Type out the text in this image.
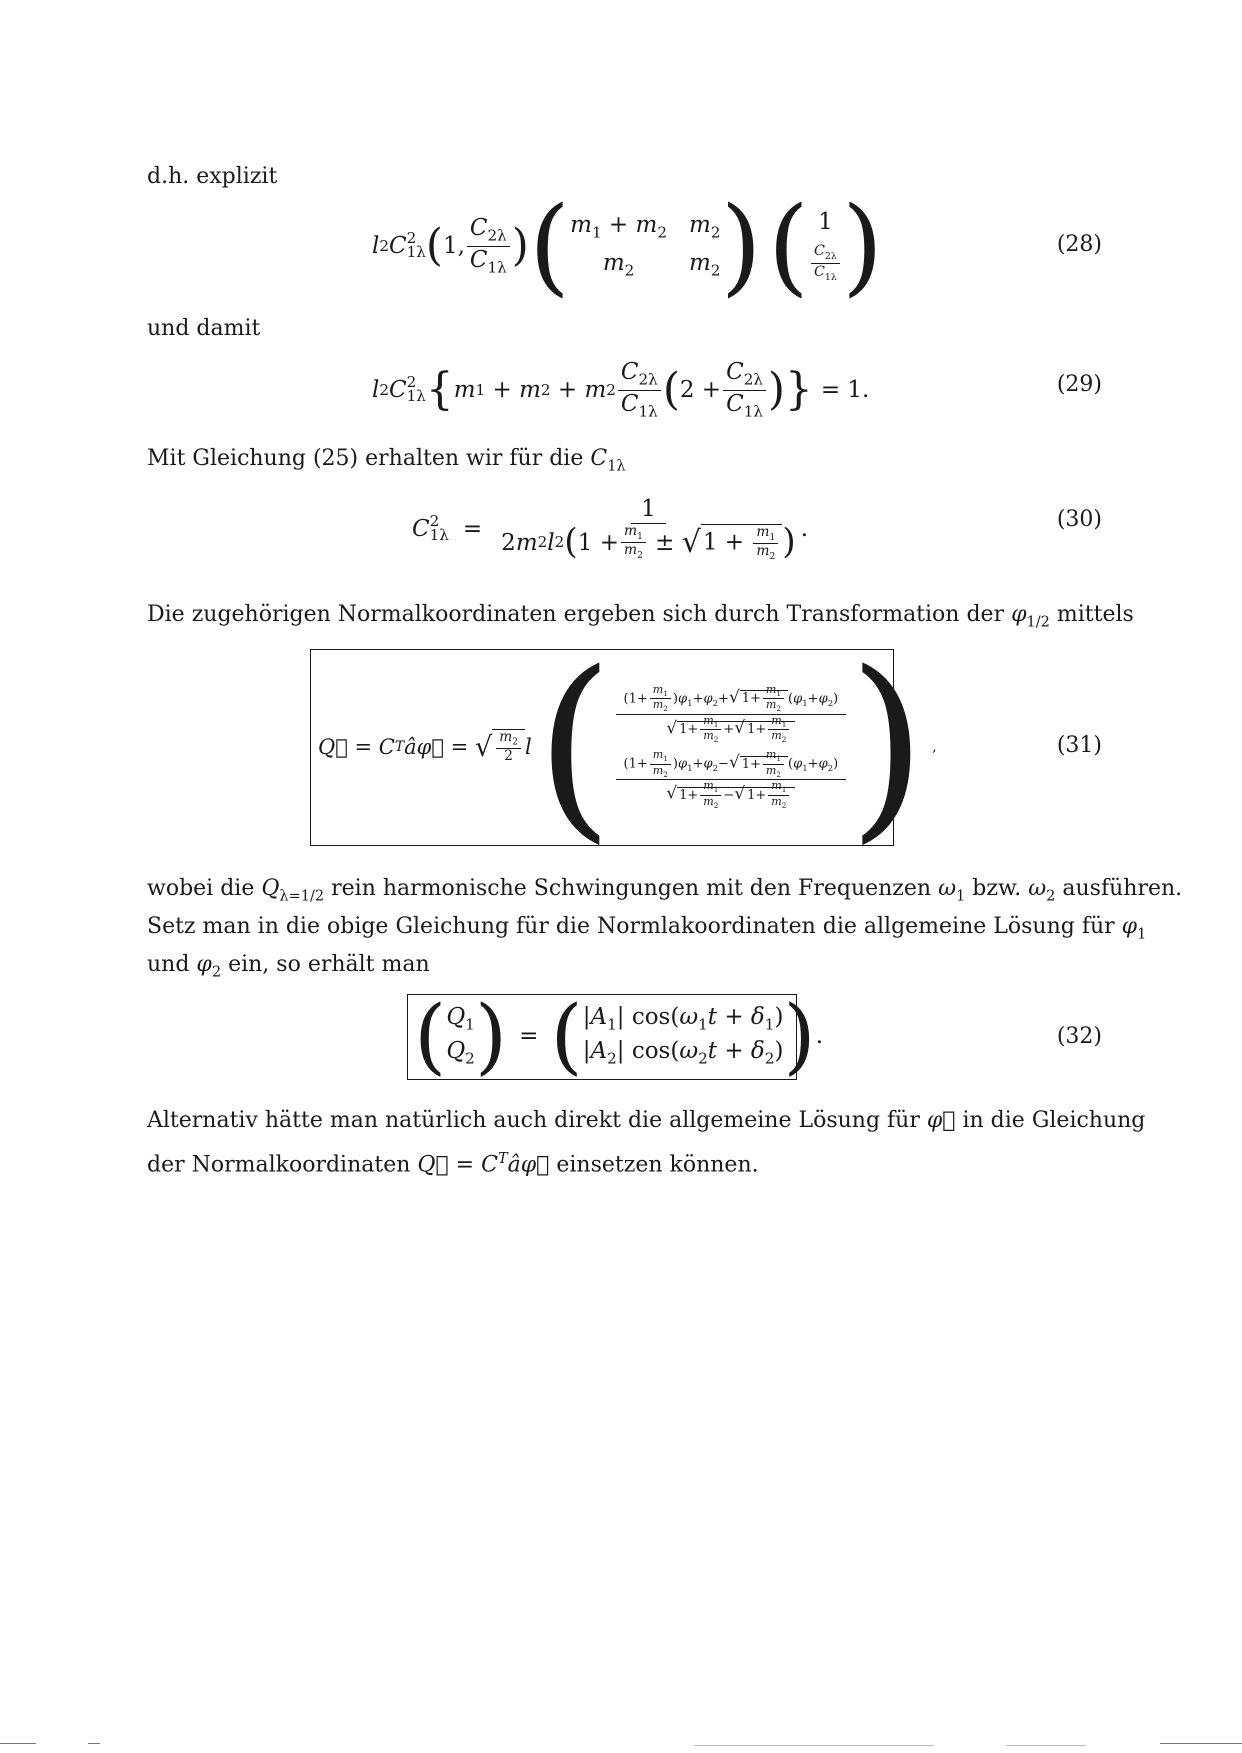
d.h. explizit
l 2 C 2
1λ ( 1, $\frac{C_{2\lambda}}{C_{1\lambda}}$ ) ( $m_1 + m_2$ $m_2$
$m_2$	$m_2$ ) ( 1
$\frac{C_{2\lambda}}{C_{1\lambda}}$ )	(28)
und damit
l 2 C 2
1λ { m 1 + m 2 + m $2 \frac{C_{2\lambda}}{C_{1\lambda}}$ ( $2 + \frac{C_{2\lambda}}{C_{1\lambda}}$ ) } = 1.	(29)
Mit Gleichung (25) erhalten wir für die $C_{1\lambda}$
C 2
1λ =
1
2 m 2 l 2 ( $1 + \frac{m_1}{m_2}$ ± √ $1 + \frac{m_1}{m_2}$ ) .	(30)
Die zugehörigen Normalkoordinaten ergeben sich durch Transformation der $\varphi_{1/2}$ mittels
Q⃗ = C T âφ⃗ = √ $\frac{m_2}{2}$ l ( $\frac{(1+ \frac{m_1}{m_2} )\varphi_1+\varphi_2+√ 1+ \frac{m_1}{m_2} (\varphi_1+\varphi_2)}{√ 1+ \frac{m_1}{m_2} +√ 1+ \frac{m_1}{m_2}}$
$\frac{(1+ \frac{m_1}{m_2} )\varphi_1+\varphi_2-√ 1+ \frac{m_1}{m_2} (\varphi_1+\varphi_2)}{√ 1+ \frac{m_1}{m_2} -√ 1+ \frac{m_1}{m_2}}$ ) ,	(31)
wobei die $Q_{\lambda=1/2}$ rein harmonische Schwingungen mit den Frequenzen $\omega_1$ bzw. $\omega_2$ ausführen.
Setz man in die obige Gleichung für die Normlakoordinaten die allgemeine Lösung für $\varphi_1$
und $\varphi_2$ ein, so erhält man
( $Q_1$
$Q_2$ ) = ( $|A_1|$ $\cos(\omega_1t + \delta_1)$
$|A_2|$ $\cos(\omega_2t + \delta_2)$ ) .	(32)
Alternativ hätte man natürlich auch direkt die allgemeine Lösung für φ⃗ in die Gleichung
der Normalkoordinaten Q⃗ = $C^Tâ\varphi⃗$ einsetzen können.
